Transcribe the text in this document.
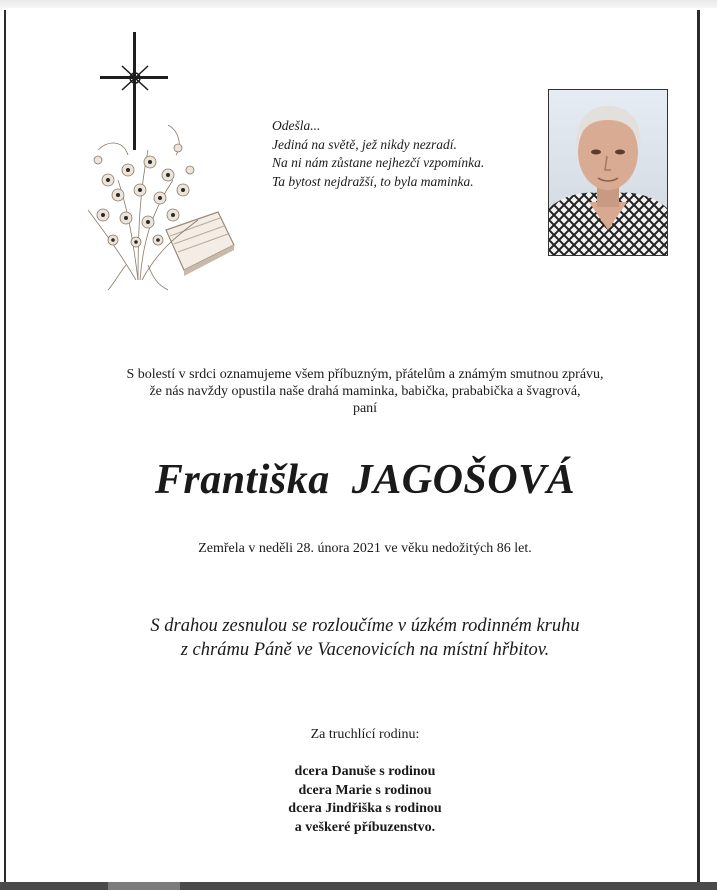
Odešla...
Jediná na světě, jež nikdy nezradí.
Na ni nám zůstane nejhezčí vzpomínka.
Ta bytost nejdražší, to byla maminka.
S bolestí v srdci oznamujeme všem příbuzným, přátelům a známým smutnou zprávu,
že nás navždy opustila naše drahá maminka, babička, prababička a švagrová,
paní
Františka  JAGOŠOVÁ
Zemřela v neděli 28. února 2021 ve věku nedožitých 86 let.
S drahou zesnulou se rozloučíme v úzkém rodinném kruhu
z chrámu Páně ve Vacenovicích na místní hřbitov.
Za truchlící rodinu:
dcera Danuše s rodinou
dcera Marie s rodinou
dcera Jindřiška s rodinou
a veškeré příbuzenstvo.
